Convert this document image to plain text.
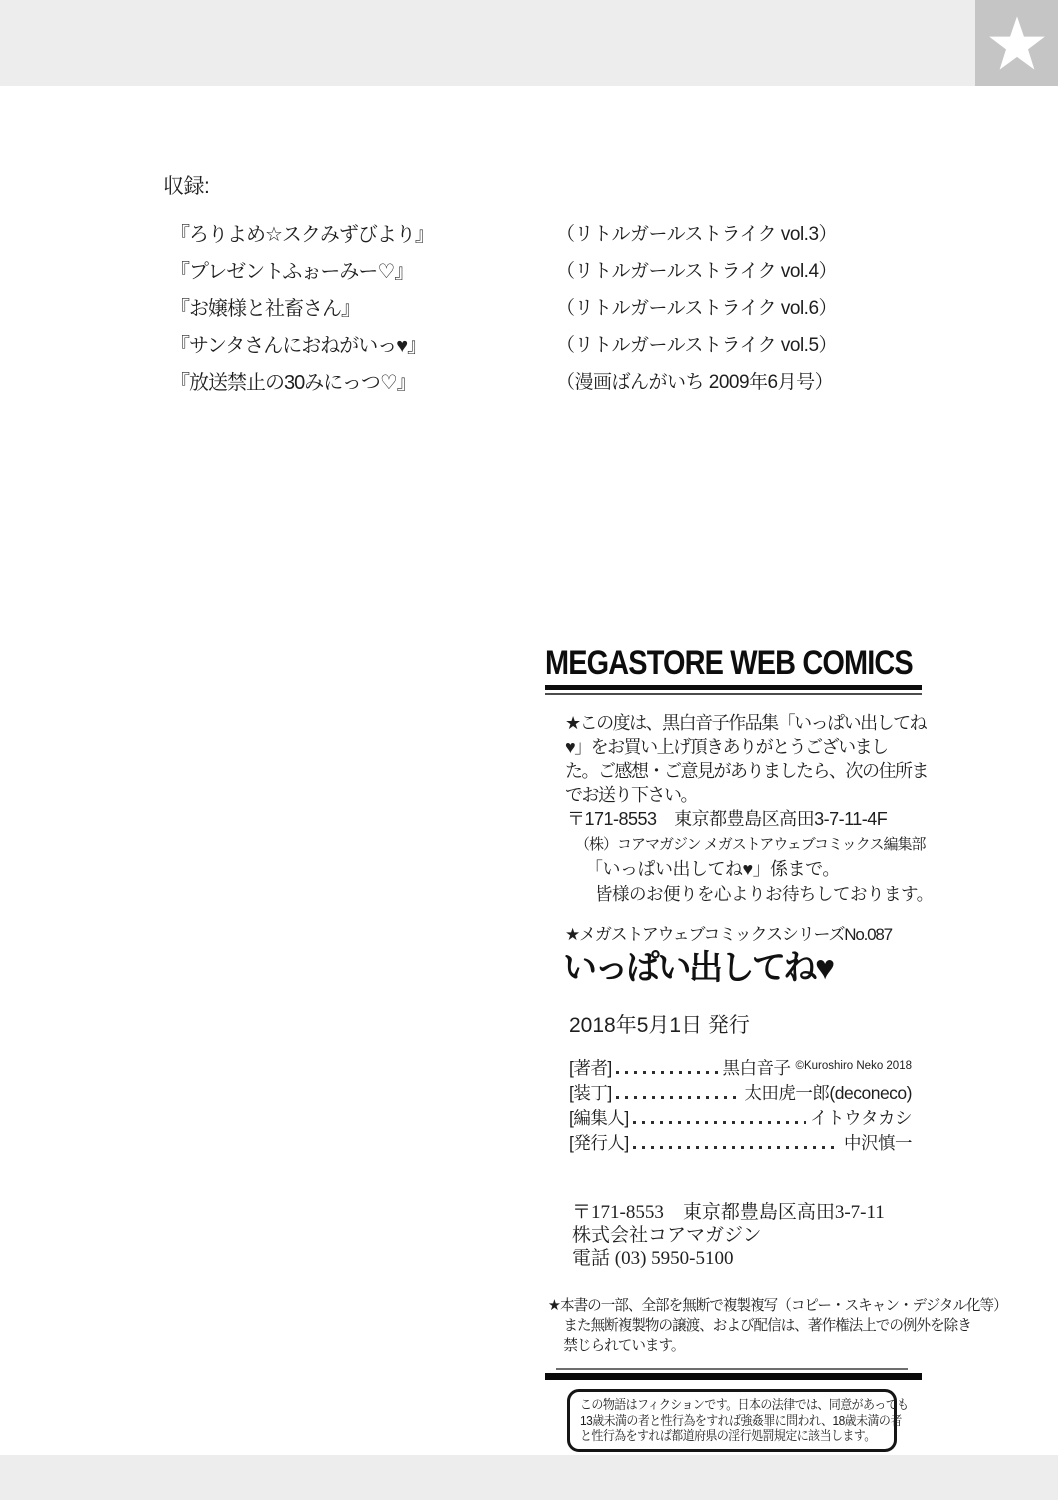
収録:
『ろりよめ☆スクみずびより』	（リトルガールストライク vol.3）
『プレゼントふぉーみー♡』	（リトルガールストライク vol.4）
『お嬢様と社畜さん』	（リトルガールストライク vol.6）
『サンタさんにおねがいっ♥』	（リトルガールストライク vol.5）
『放送禁止の30みにっつ♡』	（漫画ばんがいち 2009年6月号）
MEGASTORE WEB COMICS
★この度は、黒白音子作品集「いっぱい出してね
♥」をお買い上げ頂きありがとうございまし
た。ご感想・ご意見がありましたら、次の住所ま
でお送り下さい。
〒171-8553　東京都豊島区高田3-7-11-4F
（株）コアマガジン メガストアウェブコミックス編集部
「いっぱい出してね♥」係まで。
皆様のお便りを心よりお待ちしております。
★メガストアウェブコミックスシリーズNo.087
いっぱい出してね♥
2018年5月1日 発行
[著者]	黒白音子 ©Kuroshiro Neko 2018
[装丁]	太田虎一郎(deconeco)
[編集人]	イトウタカシ
[発行人]	中沢慎一
〒171-8553　東京都豊島区高田3-7-11
株式会社コアマガジン
電話 (03) 5950-5100
★本書の一部、全部を無断で複製複写（コピー・スキャン・デジタル化等）
また無断複製物の譲渡、および配信は、著作権法上での例外を除き
禁じられています。
この物語はフィクションです。日本の法律では、同意があっても
13歳未満の者と性行為をすれば強姦罪に問われ、18歳未満の者
と性行為をすれば都道府県の淫行処罰規定に該当します。
